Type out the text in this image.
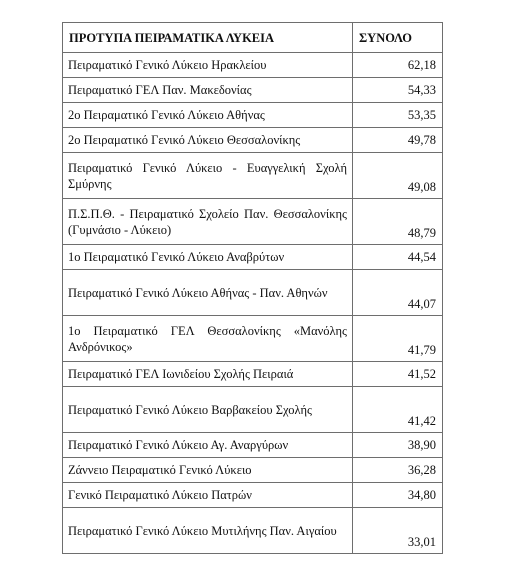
ΠΡΟΤΥΠΑ ΠΕΙΡΑΜΑΤΙΚΑ ΛΥΚΕΙΑ	ΣΥΝΟΛΟ
Πειραματικό Γενικό Λύκειο Ηρακλείου	62,18
Πειραματικό ΓΕΛ Παν. Μακεδονίας	54,33
2ο Πειραματικό Γενικό Λύκειο Αθήνας	53,35
2ο Πειραματικό Γενικό Λύκειο Θεσσαλονίκης	49,78
Πειραματικό Γενικό Λύκειο - Ευαγγελική Σχολή Σμύρνης	49,08
Π.Σ.Π.Θ. - Πειραματικό Σχολείο Παν. Θεσσαλονίκης (Γυμνάσιο - Λύκειο)	48,79
1ο Πειραματικό Γενικό Λύκειο Αναβρύτων	44,54
Πειραματικό Γενικό Λύκειο Αθήνας - Παν. Αθηνών	44,07
1ο Πειραματικό ΓΕΛ Θεσσαλονίκης «Μανόλης Ανδρόνικος»	41,79
Πειραματικό ΓΕΛ Ιωνιδείου Σχολής Πειραιά	41,52
Πειραματικό Γενικό Λύκειο Βαρβακείου Σχολής	41,42
Πειραματικό Γενικό Λύκειο Αγ. Αναργύρων	38,90
Ζάννειο Πειραματικό Γενικό Λύκειο	36,28
Γενικό Πειραματικό Λύκειο Πατρών	34,80
Πειραματικό Γενικό Λύκειο Μυτιλήνης Παν. Αιγαίου	33,01
